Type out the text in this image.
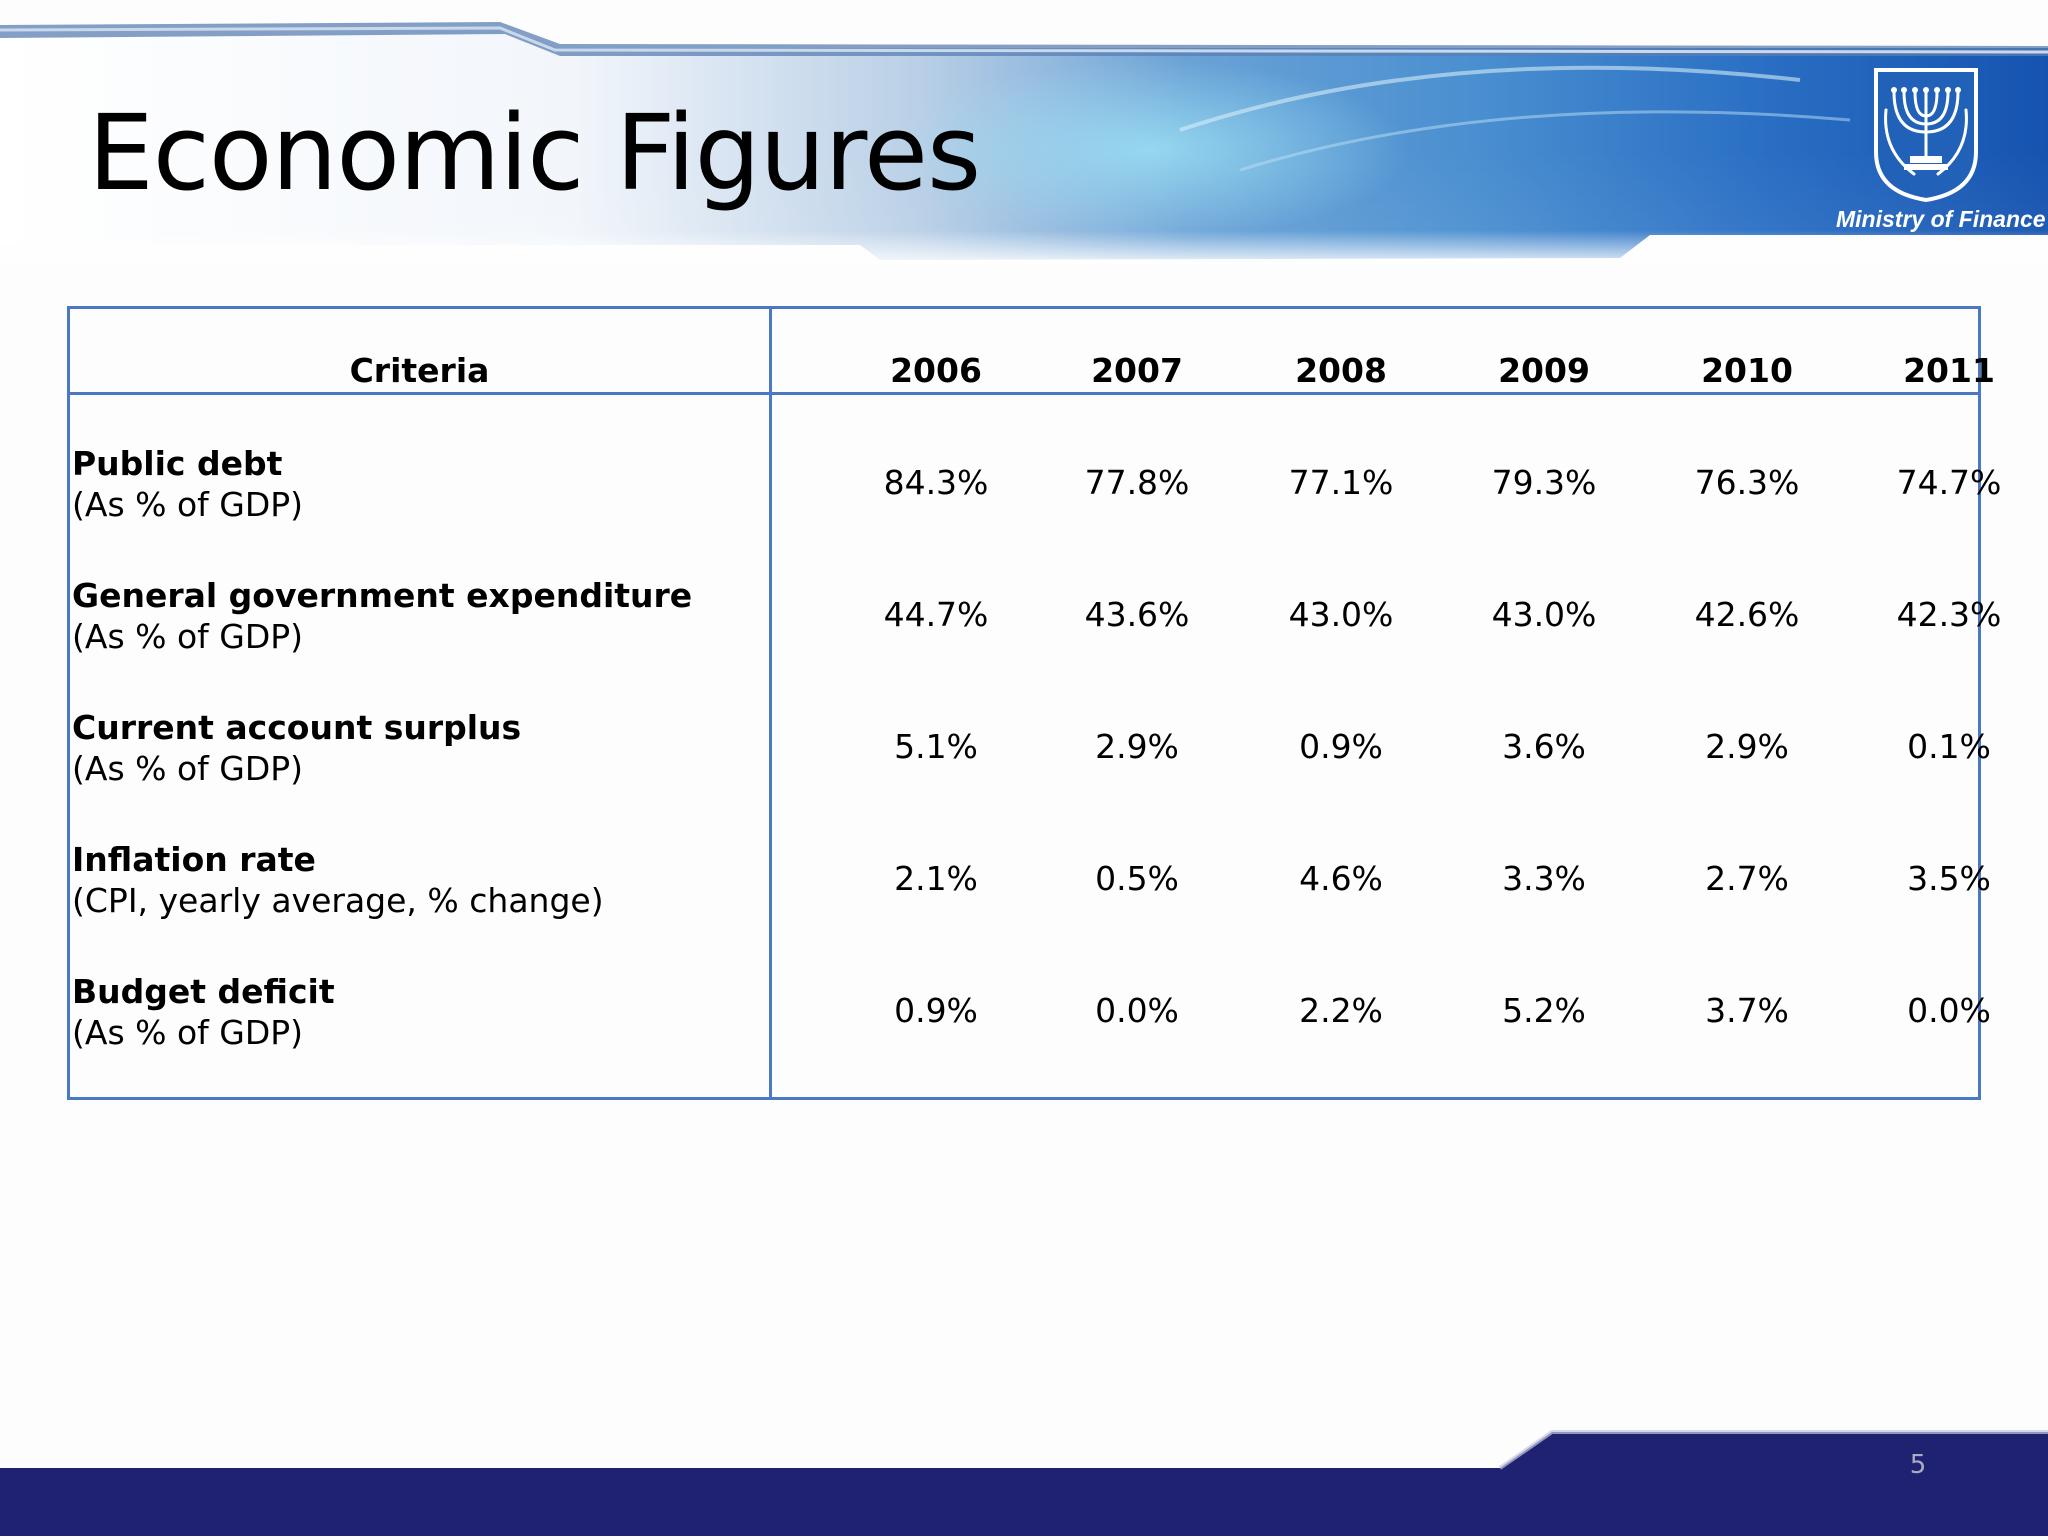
Economic Figures
Ministry of Finance
Criteria	2006	2007	2008	2009	2010	2011
Public debt
(As % of GDP)
84.3%	77.8%	77.1%	79.3%	76.3%	74.7%
General government expenditure
(As % of GDP)
44.7%	43.6%	43.0%	43.0%	42.6%	42.3%
Current account surplus
(As % of GDP)
5.1%	2.9%	0.9%	3.6%	2.9%	0.1%
Inflation rate
(CPI, yearly average, % change)
2.1%	0.5%	4.6%	3.3%	2.7%	3.5%
Budget deficit
(As % of GDP)
0.9%	0.0%	2.2%	5.2%	3.7%	0.0%
5
